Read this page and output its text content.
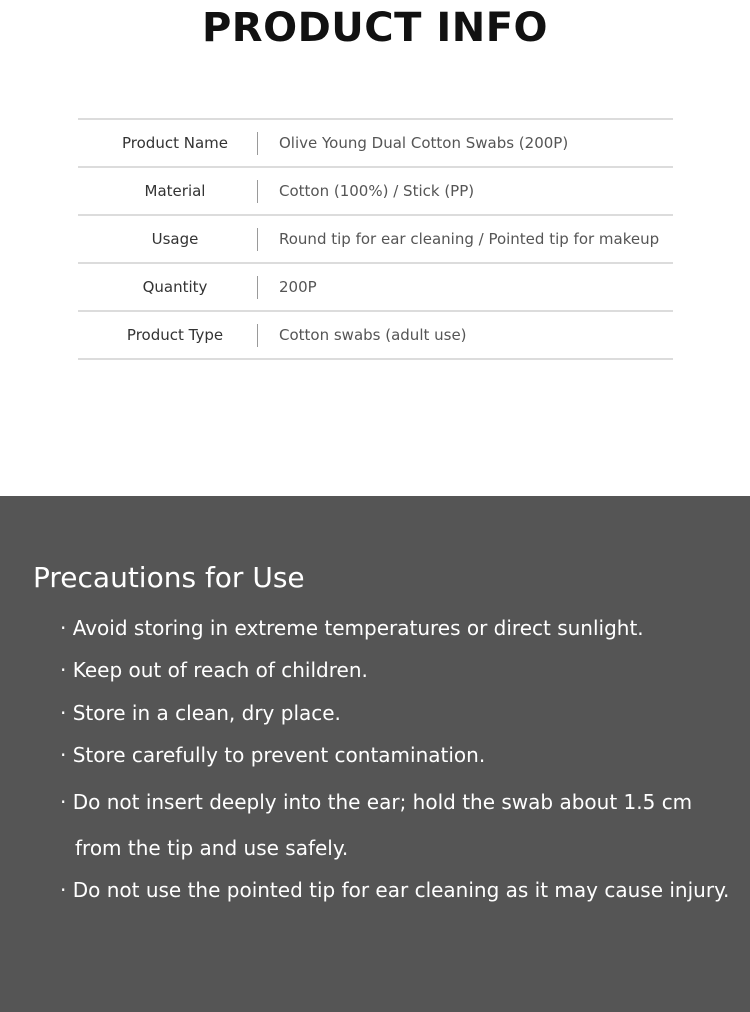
PRODUCT INFO
Product Name	Olive Young Dual Cotton Swabs (200P)
Material	Cotton (100%) / Stick (PP)
Usage	Round tip for ear cleaning / Pointed tip for makeup
Quantity	200P
Product Type	Cotton swabs (adult use)
Precautions for Use
· Avoid storing in extreme temperatures or direct sunlight.
· Keep out of reach of children.
· Store in a clean, dry place.
· Store carefully to prevent contamination.
· Do not insert deeply into the ear; hold the swab about 1.5 cm
from the tip and use safely.
· Do not use the pointed tip for ear cleaning as it may cause injury.
